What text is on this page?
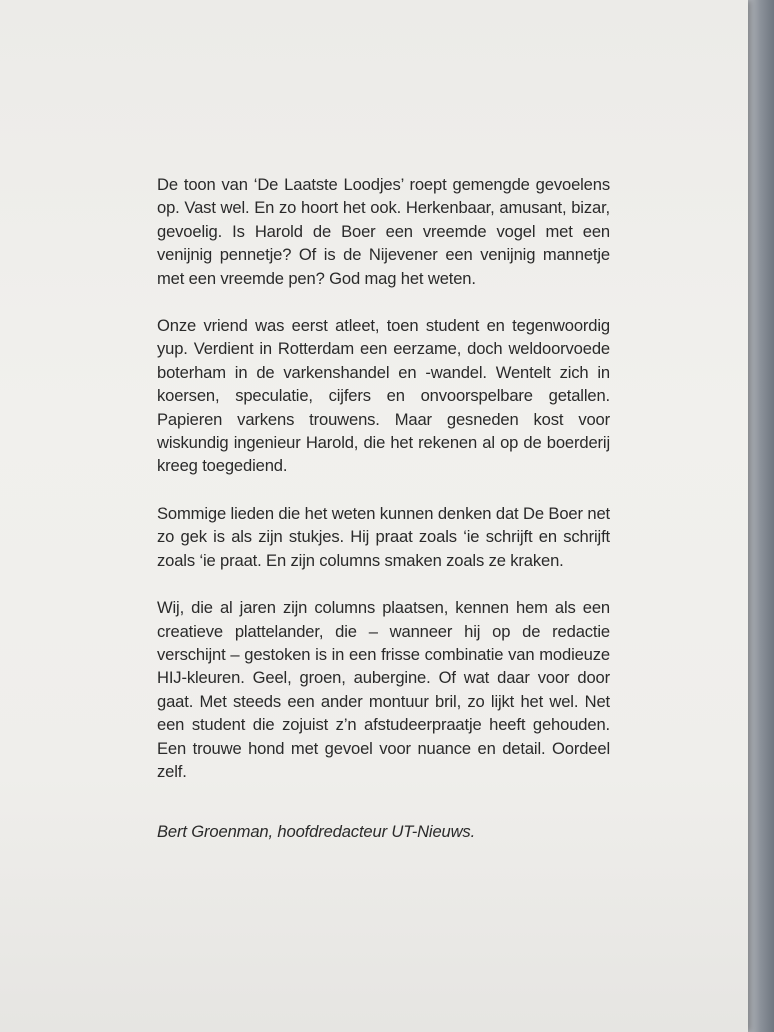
De toon van ‘De Laatste Loodjes’ roept gemengde gevoelens op. Vast wel. En zo hoort het ook. Herkenbaar, amusant, bizar, gevoelig. Is Harold de Boer een vreemde vogel met een venijnig pennetje? Of is de Nijevener een venijnig mannetje met een vreemde pen? God mag het weten.

Onze vriend was eerst atleet, toen student en tegenwoordig yup. Verdient in Rotterdam een eerzame, doch weldoorvoede boterham in de varkenshandel en -wandel. Wentelt zich in koersen, speculatie, cijfers en onvoorspelbare getallen. Papieren varkens trouwens. Maar gesneden kost voor wiskundig ingenieur Harold, die het rekenen al op de boerderij kreeg toegediend.

Sommige lieden die het weten kunnen denken dat De Boer net zo gek is als zijn stukjes. Hij praat zoals ‘ie schrijft en schrijft zoals ‘ie praat. En zijn columns smaken zoals ze kraken.

Wij, die al jaren zijn columns plaatsen, kennen hem als een creatieve plattelander, die – wanneer hij op de redactie verschijnt – gestoken is in een frisse combinatie van modieuze HIJ-kleuren. Geel, groen, aubergine. Of wat daar voor door gaat. Met steeds een ander montuur bril, zo lijkt het wel. Net een student die zojuist z’n afstudeerpraatje heeft gehouden. Een trouwe hond met gevoel voor nuance en detail. Oordeel zelf.

Bert Groenman, hoofdredacteur UT-Nieuws.
